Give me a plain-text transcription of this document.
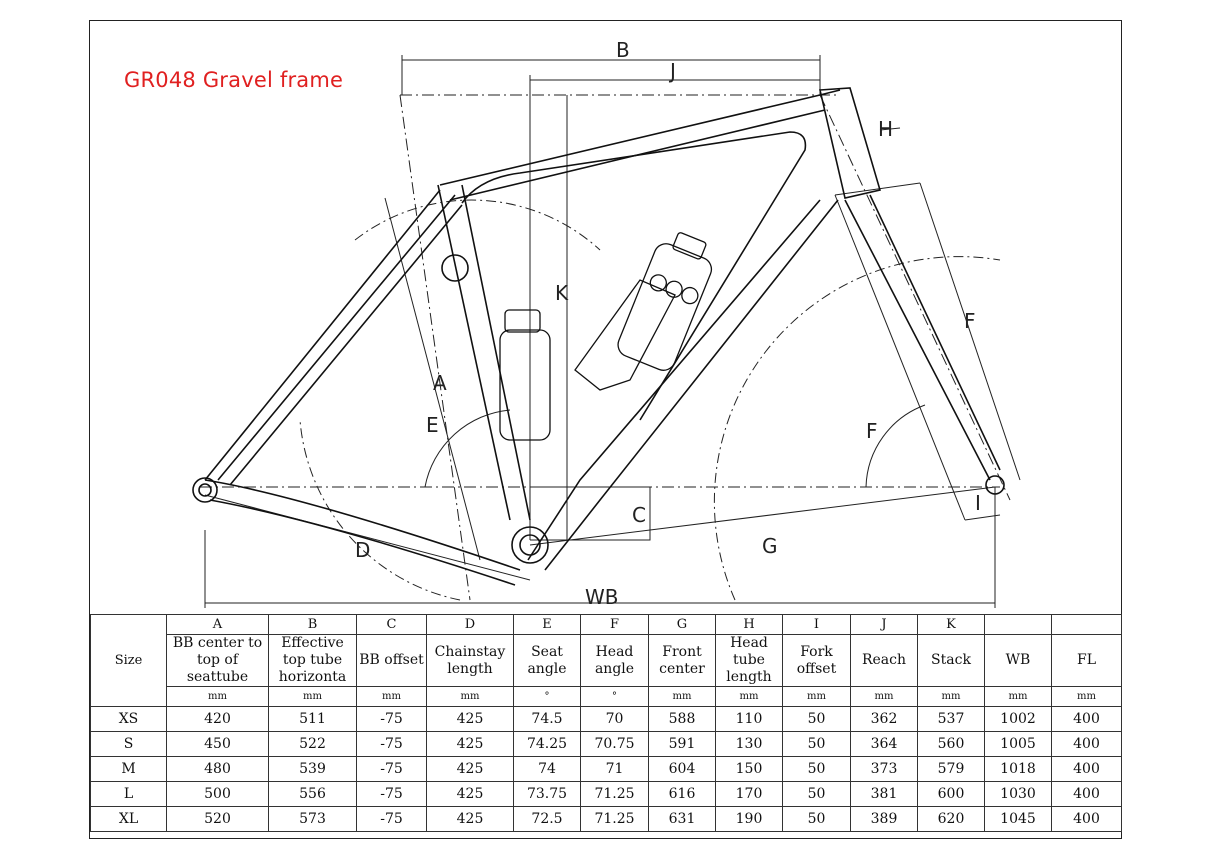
B
J
K
C
D	G
WB
A
E	F
F
H
I
GR048 Gravel frame
Size	A	B	C	D	E	F	G	H	I	J	K		
	BB center to top of seattube	Effective top tube horizonta	BB offset	Chainstay length	Seat angle	Head angle	Front center	Head tube length	Fork offset	Reach	Stack	WB	FL
	mm	mm	mm	mm	°	°	mm	mm	mm	mm	mm	mm	mm
XS	420	511	-75	425	74.5	70	588	110	50	362	537	1002	400
S	450	522	-75	425	74.25	70.75	591	130	50	364	560	1005	400
M	480	539	-75	425	74	71	604	150	50	373	579	1018	400
L	500	556	-75	425	73.75	71.25	616	170	50	381	600	1030	400
XL	520	573	-75	425	72.5	71.25	631	190	50	389	620	1045	400
